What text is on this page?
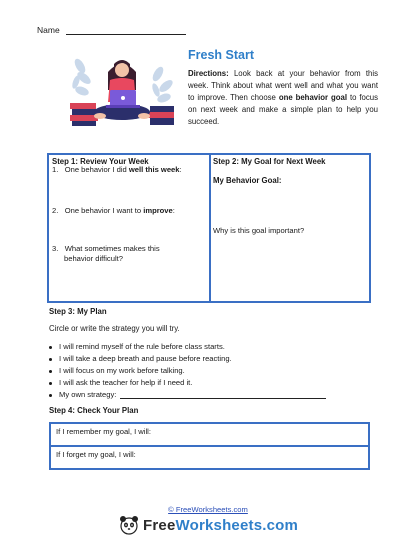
Name
Fresh Start
Directions: Look back at your behavior from this week. Think about what went well and what you want to improve. Then choose one behavior goal to focus on next week and make a simple plan to help you succeed.
Step 1: Review Your Week
1. One behavior I did well this week:
2. One behavior I want to improve:
3. What sometimes makes this
behavior difficult?
Step 2: My Goal for Next Week
My Behavior Goal:
Why is this goal important?
Step 3: My Plan
Circle or write the strategy you will try.
I will remind myself of the rule before class starts.
I will take a deep breath and pause before reacting.
I will focus on my work before talking.
I will ask the teacher for help if I need it.
My own strategy:
Step 4: Check Your Plan
If I remember my goal, I will:
If I forget my goal, I will:
© FreeWorksheets.com
FreeWorksheets.com
